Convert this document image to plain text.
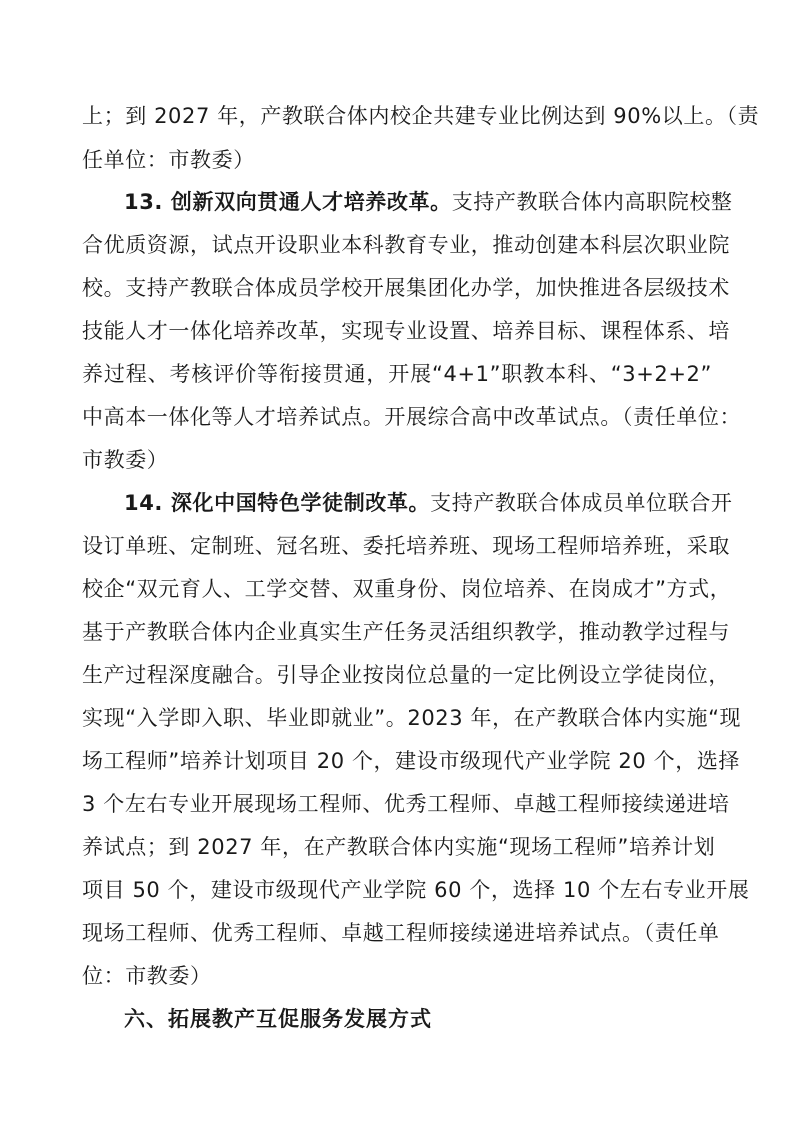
上；到 2027 年，产教联合体内校企共建专业比例达到 90%以上。（责
任单位：市教委）
13. 创新双向贯通人才培养改革。支持产教联合体内高职院校整
合优质资源，试点开设职业本科教育专业，推动创建本科层次职业院
校。支持产教联合体成员学校开展集团化办学，加快推进各层级技术
技能人才一体化培养改革，实现专业设置、培养目标、课程体系、培
养过程、考核评价等衔接贯通，开展“4+1”职教本科、“3+2+2”
中高本一体化等人才培养试点。开展综合高中改革试点。（责任单位：
市教委）
14. 深化中国特色学徒制改革。支持产教联合体成员单位联合开
设订单班、定制班、冠名班、委托培养班、现场工程师培养班，采取
校企“双元育人、工学交替、双重身份、岗位培养、在岗成才”方式，
基于产教联合体内企业真实生产任务灵活组织教学，推动教学过程与
生产过程深度融合。引导企业按岗位总量的一定比例设立学徒岗位，
实现“入学即入职、毕业即就业”。2023 年，在产教联合体内实施“现
场工程师”培养计划项目 20 个，建设市级现代产业学院 20 个，选择
3 个左右专业开展现场工程师、优秀工程师、卓越工程师接续递进培
养试点；到 2027 年，在产教联合体内实施“现场工程师”培养计划
项目 50 个，建设市级现代产业学院 60 个，选择 10 个左右专业开展
现场工程师、优秀工程师、卓越工程师接续递进培养试点。（责任单
位：市教委）
六、拓展教产互促服务发展方式
